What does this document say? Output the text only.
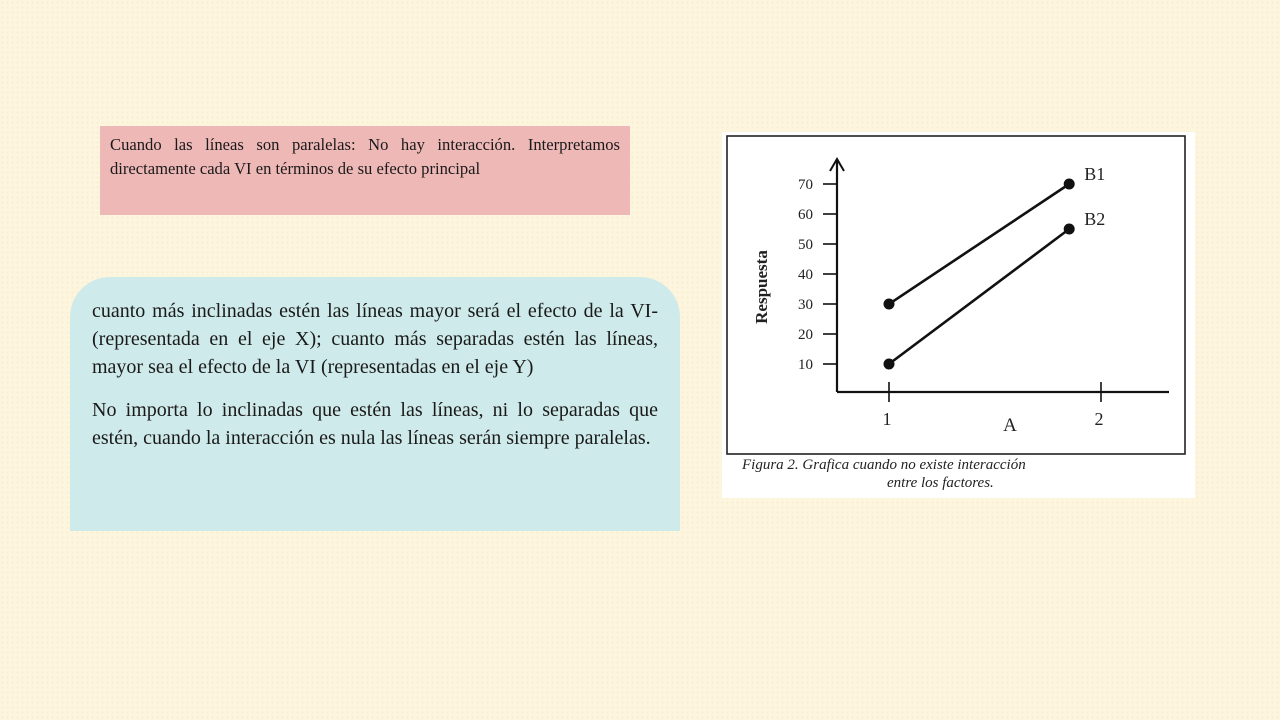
Cuando las líneas son paralelas: No hay interacción. Interpretamos directamente cada VI en términos de su efecto principal

cuanto más inclinadas estén las líneas mayor será el efecto de la VI- (representada en el eje X); cuanto más separadas estén las líneas, mayor sea el efecto de la VI (representadas en el eje Y)

No importa lo inclinadas que estén las líneas, ni lo separadas que estén, cuando la interacción es nula las líneas serán siempre paralelas.

10
20
30
40
50
60
70
1	2
B1
B2
Respuesta
A
Figura 2. Grafica cuando no existe interacción
entre los factores.
